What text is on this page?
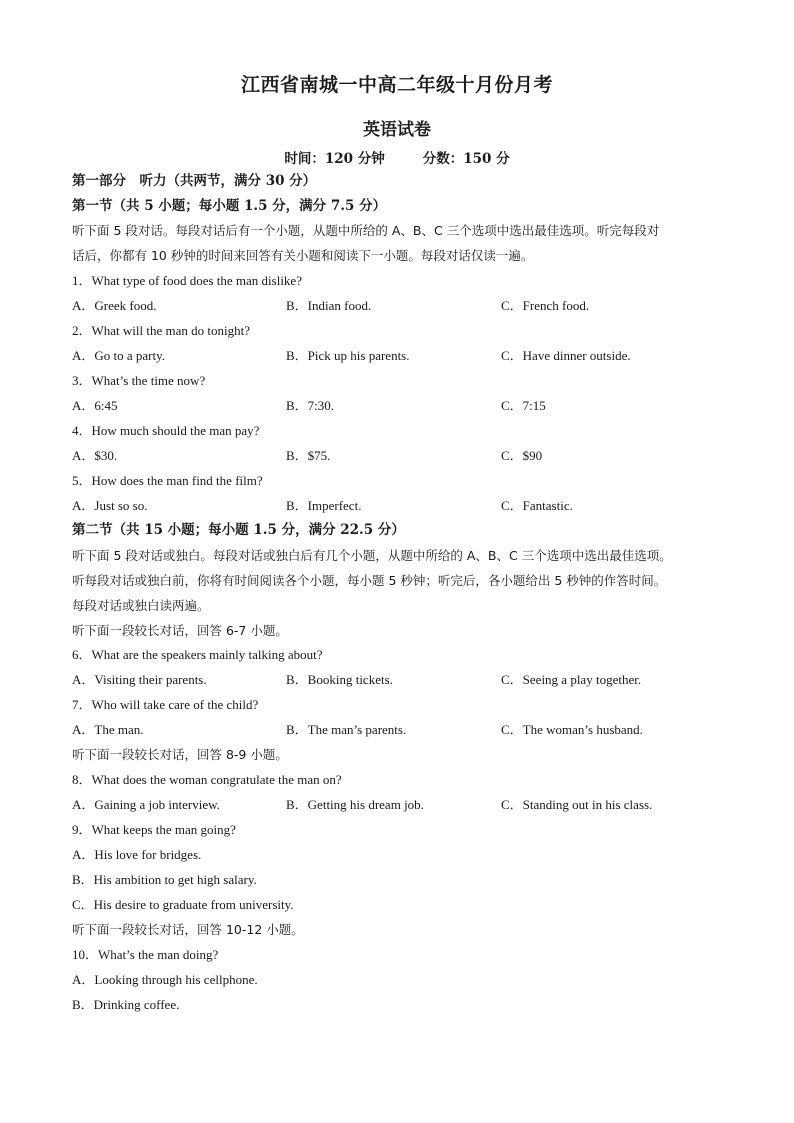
江西省南城一中高二年级十月份月考
英语试卷
时间：120 分钟	分数：150 分
第一部分　听力（共两节，满分 30 分）
第一节（共 5 小题；每小题 1.5 分，满分 7.5 分）
听下面 5 段对话。每段对话后有一个小题，从题中所给的 A、B、C 三个选项中选出最佳选项。听完每段对
话后，你都有 10 秒钟的时间来回答有关小题和阅读下一小题。每段对话仅读一遍。
1．What type of food does the man dislike?
A．Greek food.	B．Indian food.	C．French food.
2．What will the man do tonight?
A．Go to a party.	B．Pick up his parents.	C．Have dinner outside.
3．What’s the time now?
A．6:45	B．7:30.	C．7:15
4．How much should the man pay?
A．$30.	B．$75.	C．$90
5．How does the man find the film?
A．Just so so.	B．Imperfect.	C．Fantastic.
第二节（共 15 小题；每小题 1.5 分，满分 22.5 分）
听下面 5 段对话或独白。每段对话或独白后有几个小题，从题中所给的 A、B、C 三个选项中选出最佳选项。
听每段对话或独白前，你将有时间阅读各个小题，每小题 5 秒钟；听完后，各小题给出 5 秒钟的作答时间。
每段对话或独白读两遍。
听下面一段较长对话，回答 6-7 小题。
6．What are the speakers mainly talking about?
A．Visiting their parents.	B．Booking tickets.	C．Seeing a play together.
7．Who will take care of the child?
A．The man.	B．The man’s parents.	C．The woman’s husband.
听下面一段较长对话，回答 8-9 小题。
8．What does the woman congratulate the man on?
A．Gaining a job interview.	B．Getting his dream job.	C．Standing out in his class.
9．What keeps the man going?
A．His love for bridges.
B．His ambition to get high salary.
C．His desire to graduate from university.
听下面一段较长对话，回答 10-12 小题。
10．What’s the man doing?
A．Looking through his cellphone.
B．Drinking coffee.
